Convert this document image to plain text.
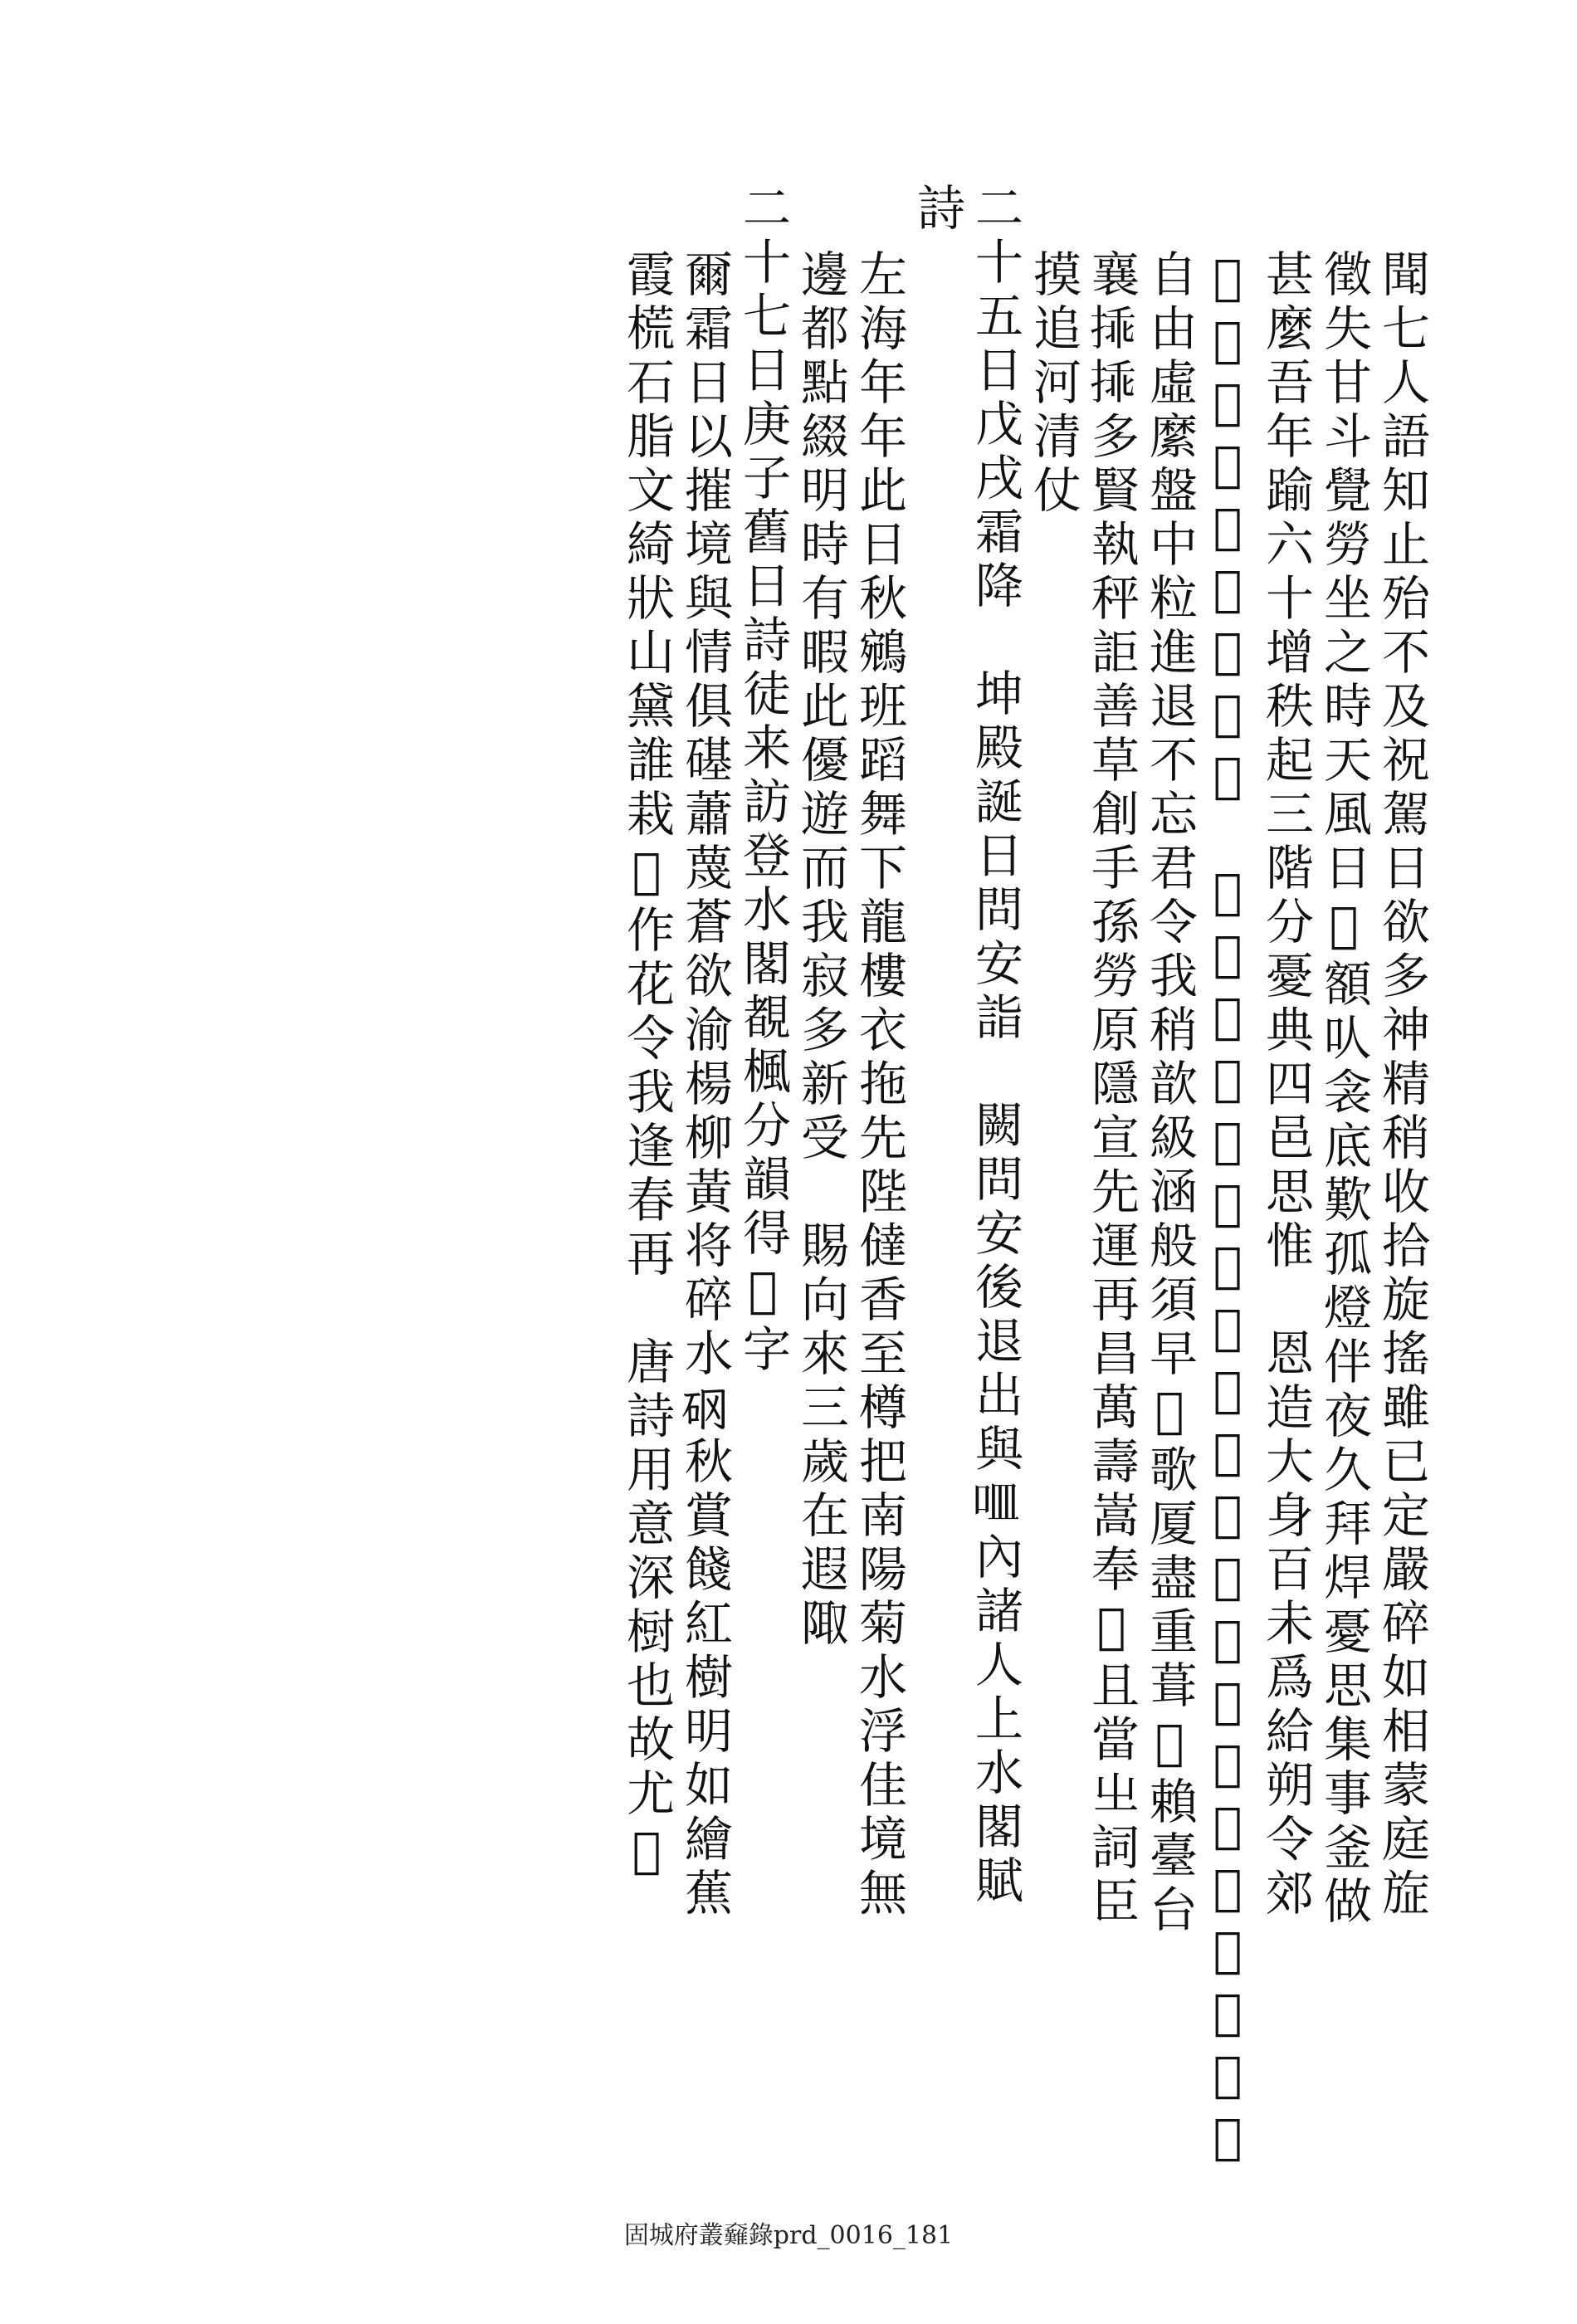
聞七人語知止殆不及祝駕日欲多神精稍收拾旋搖雖已定嚴碎如相蒙庭㫌
徵失甘斗覺勞坐之時天風日𡘈額㕥衾底歎孤燈伴夜久拜焊憂思集事釜做
甚麼吾年踰六十增秩起三階分憂典四邑思惟　恩造大身百未爲給朔令郊
𡾵多烟塵逼呼𠸍言念　宵旰憂臣子𠰘痛泣愚拖爲猖𢘾𡢐忘恓緯悒效力難
自由虛縻盤中粒進退不忘君令我稍歆級涵般須早𠺥歌厦盡重葺𠰘賴臺台
襄𢮿𢮿多賢執秤詎善草創手孫勞原隱宣先運再昌萬壽嵩奉𢬣且當㞢詞臣
摸追河清仗
二十五日戊戌霜降　坤殿誕日問安詣　闕問安後退出與𠰘內諸人上水閣賦
詩
左海年年此日秋鵷班蹈舞下龍樓衣拖先陛㒓香至樽把南陽菊水浮佳境無
邊都點綴明時有暇此優遊而我寂多新受　賜向來三歲在遐陬
二十七日庚子舊日詩徒来訪登水閣覩楓分韻得𡘈字
爾霜日以摧境與情俱𥕛蕭蔑蒼欲渝楊柳黃将碎水𥐻秋賞餞紅樹明如繪蕉
霞𣗄石脂文綺狀山黛誰栽𥽍作花令我逢春再　唐詩用意深𣗳也故尤𡘈
固城府叢𡚟錄prd_0016_181
